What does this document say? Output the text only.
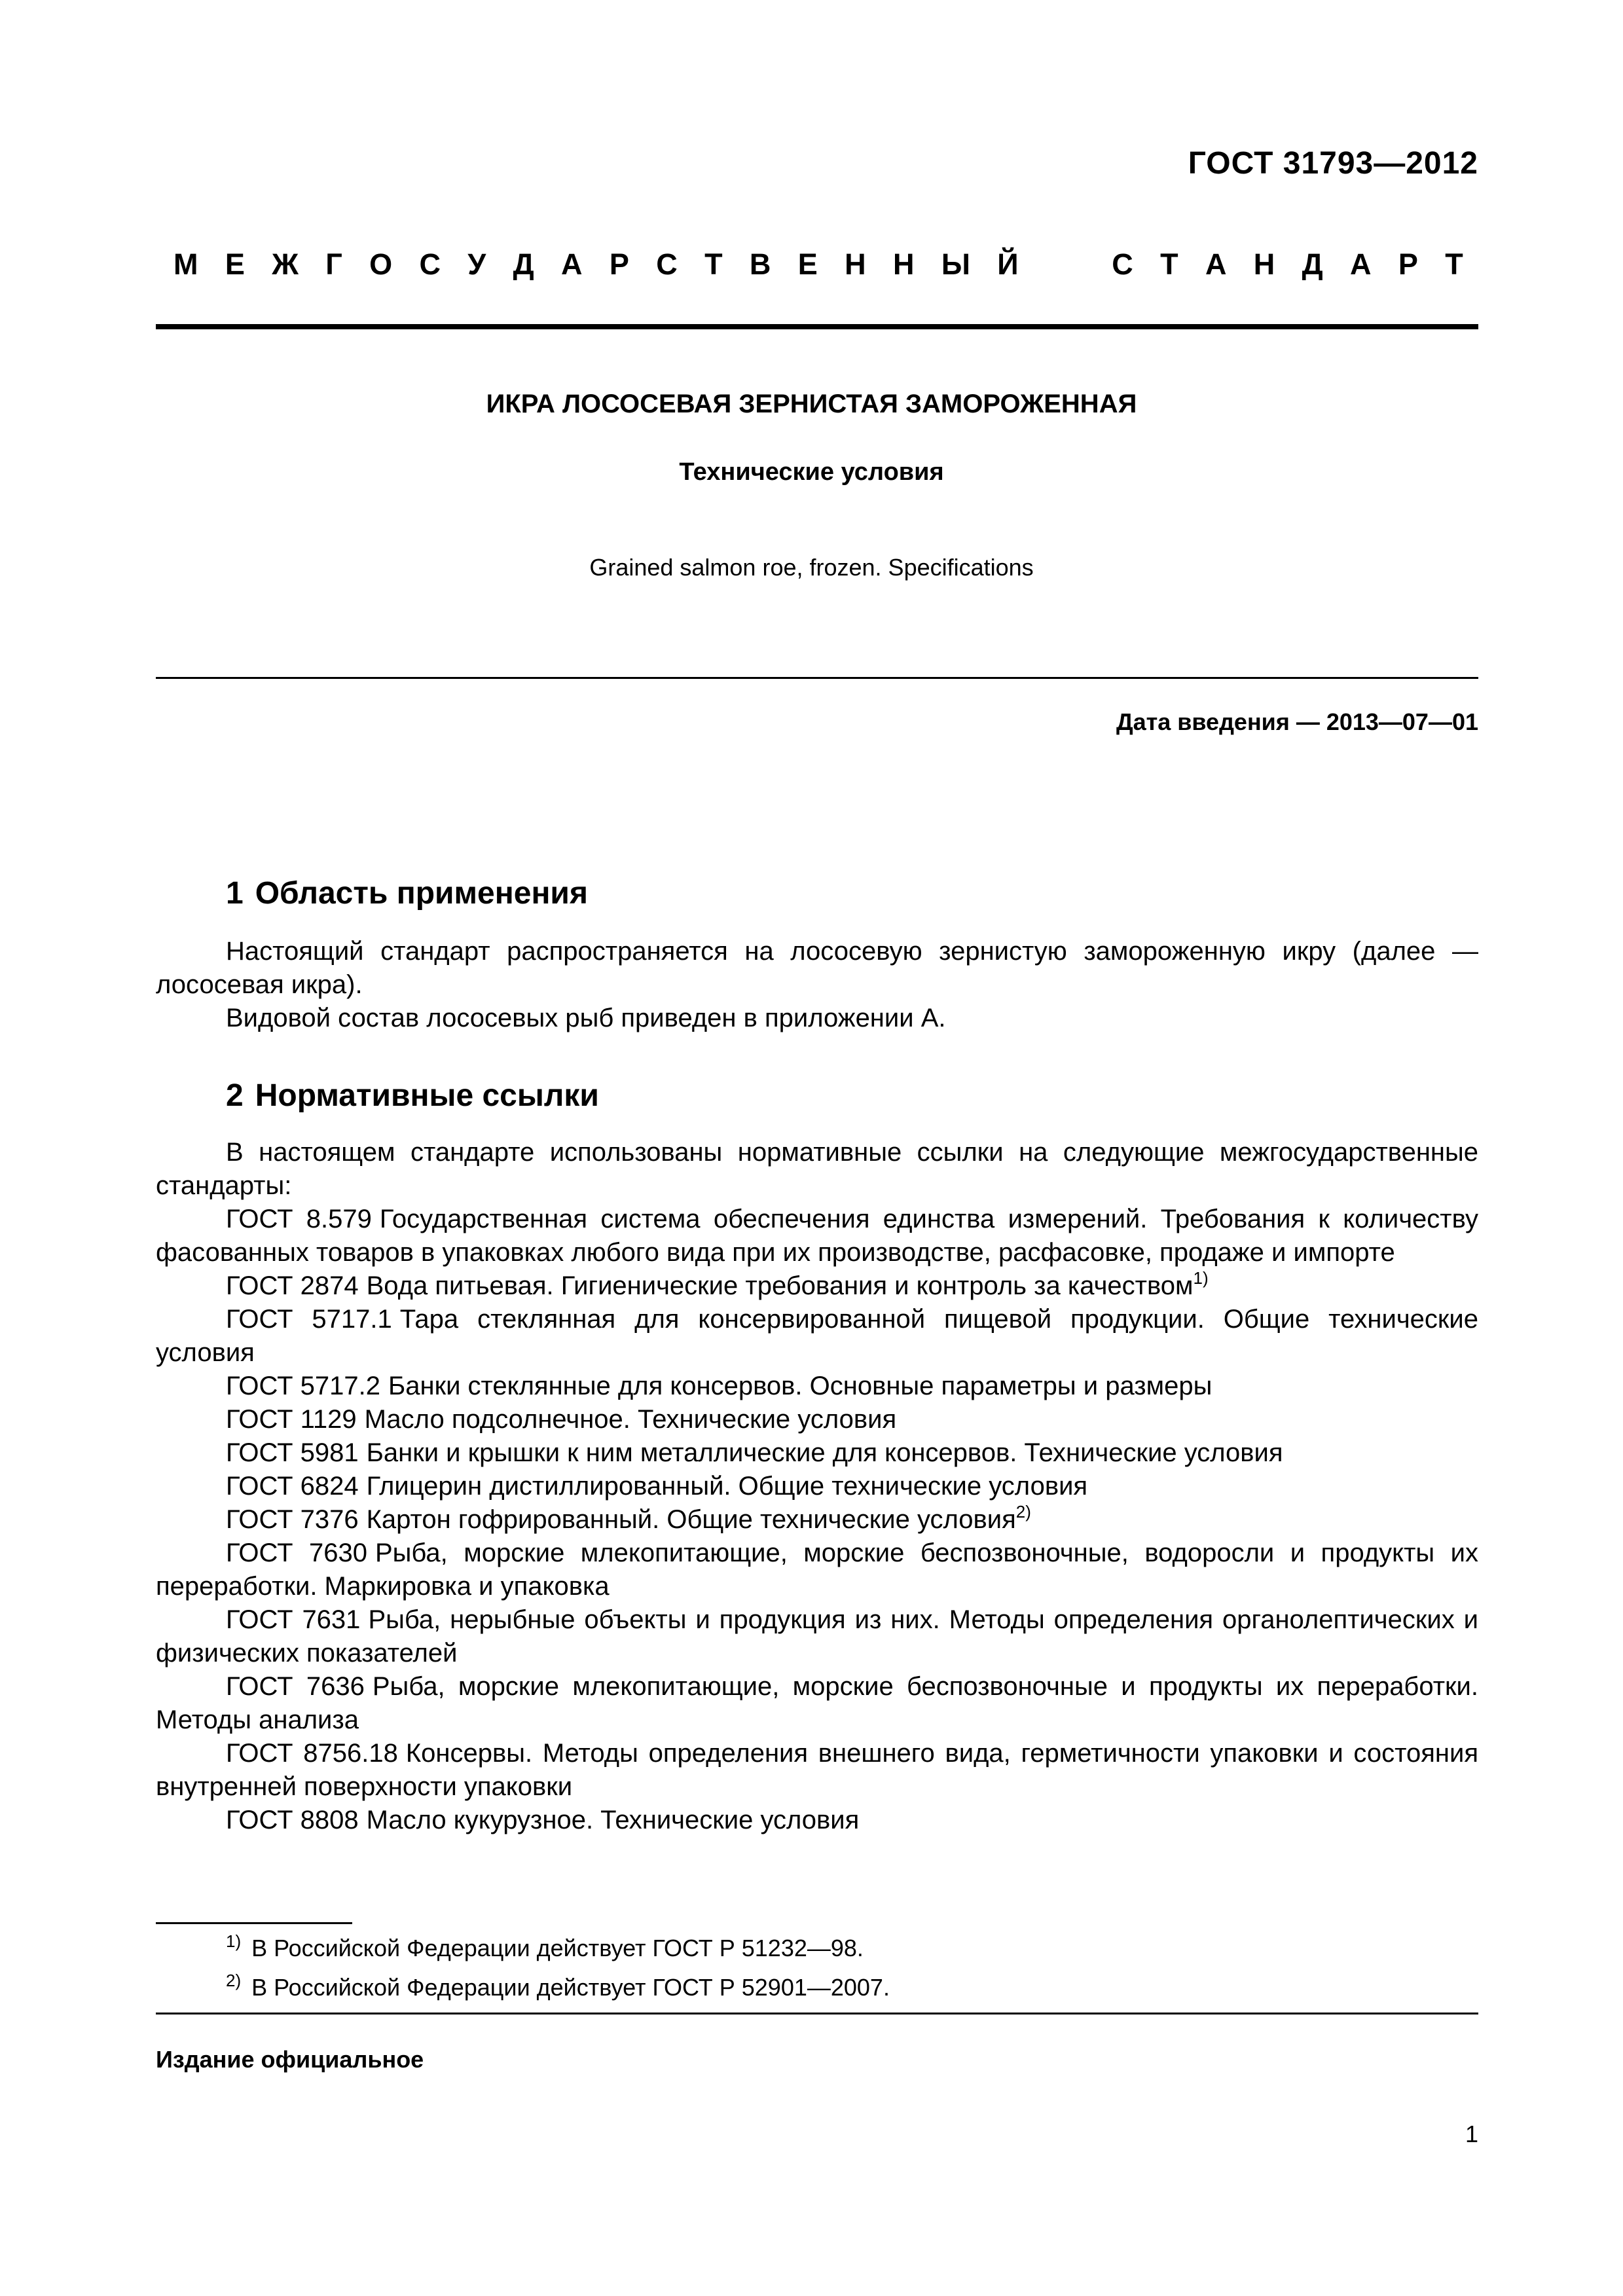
ГОСТ 31793—2012
М Е Ж Г О С У Д А Р С Т В Е Н Н Ы Й	С Т А Н Д А Р Т
ИКРА ЛОСОСЕВАЯ ЗЕРНИСТАЯ ЗАМОРОЖЕННАЯ
Технические условия
Grained salmon roe, frozen. Specifications
Дата введения — 2013—07—01
1 Область применения

Настоящий стандарт распространяется на лососевую зернистую замороженную икру (далее — лососевая икра).

Видовой состав лососевых рыб приведен в приложении А.

2 Нормативные ссылки

В настоящем стандарте использованы нормативные ссылки на следующие межгосударственные стандарты:

ГОСТ 8.579 Государственная система обеспечения единства измерений. Требования к количеству фасованных товаров в упаковках любого вида при их производстве, расфасовке, продаже и импорте

ГОСТ 2874 Вода питьевая. Гигиенические требования и контроль за качеством$^{1)}$

ГОСТ 5717.1 Тара стеклянная для консервированной пищевой продукции. Общие технические условия

ГОСТ 5717.2 Банки стеклянные для консервов. Основные параметры и размеры

ГОСТ 1129 Масло подсолнечное. Технические условия

ГОСТ 5981 Банки и крышки к ним металлические для консервов. Технические условия

ГОСТ 6824 Глицерин дистиллированный. Общие технические условия

ГОСТ 7376 Картон гофрированный. Общие технические условия$^{2)}$

ГОСТ 7630 Рыба, морские млекопитающие, морские беспозвоночные, водоросли и продукты их переработки. Маркировка и упаковка

ГОСТ 7631 Рыба, нерыбные объекты и продукция из них. Методы определения органолептических и физических показателей

ГОСТ 7636 Рыба, морские млекопитающие, морские беспозвоночные и продукты их переработки. Методы анализа

ГОСТ 8756.18 Консервы. Методы определения внешнего вида, герметичности упаковки и состояния внутренней поверхности упаковки

ГОСТ 8808 Масло кукурузное. Технические условия

$^{1)}$ В Российской Федерации действует ГОСТ Р 51232—98.
$^{2)}$ В Российской Федерации действует ГОСТ Р 52901—2007.
Издание официальное
1
